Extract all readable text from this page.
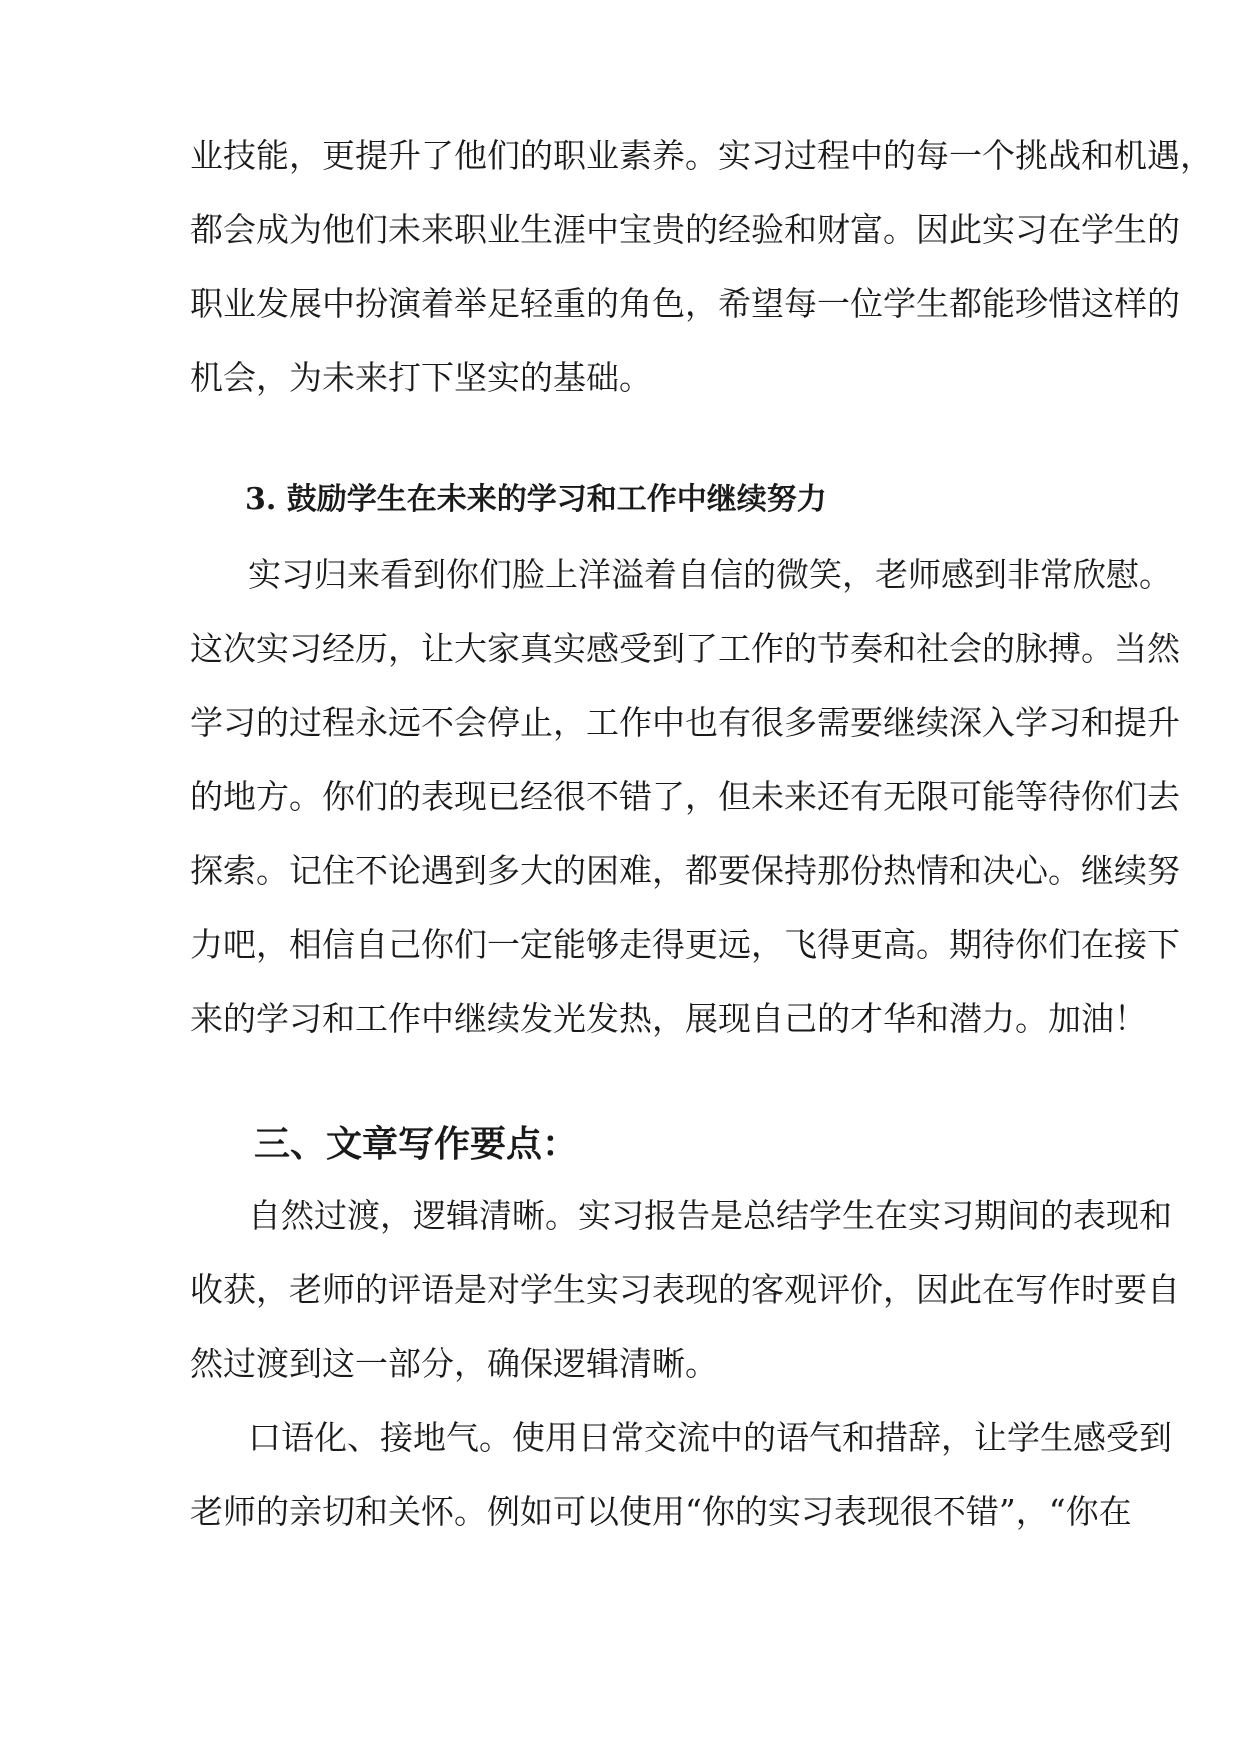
业技能，更提升了他们的职业素养。实习过程中的每一个挑战和机遇，
都会成为他们未来职业生涯中宝贵的经验和财富。因此实习在学生的
职业发展中扮演着举足轻重的角色，希望每一位学生都能珍惜这样的
机会，为未来打下坚实的基础。
3. 鼓励学生在未来的学习和工作中继续努力
实习归来看到你们脸上洋溢着自信的微笑，老师感到非常欣慰。
这次实习经历，让大家真实感受到了工作的节奏和社会的脉搏。当然
学习的过程永远不会停止，工作中也有很多需要继续深入学习和提升
的地方。你们的表现已经很不错了，但未来还有无限可能等待你们去
探索。记住不论遇到多大的困难，都要保持那份热情和决心。继续努
力吧，相信自己你们一定能够走得更远，飞得更高。期待你们在接下
来的学习和工作中继续发光发热，展现自己的才华和潜力。加油！
三、文章写作要点：
自然过渡，逻辑清晰。实习报告是总结学生在实习期间的表现和
收获，老师的评语是对学生实习表现的客观评价，因此在写作时要自
然过渡到这一部分，确保逻辑清晰。
口语化、接地气。使用日常交流中的语气和措辞，让学生感受到
老师的亲切和关怀。例如可以使用“你的实习表现很不错”，“你在
